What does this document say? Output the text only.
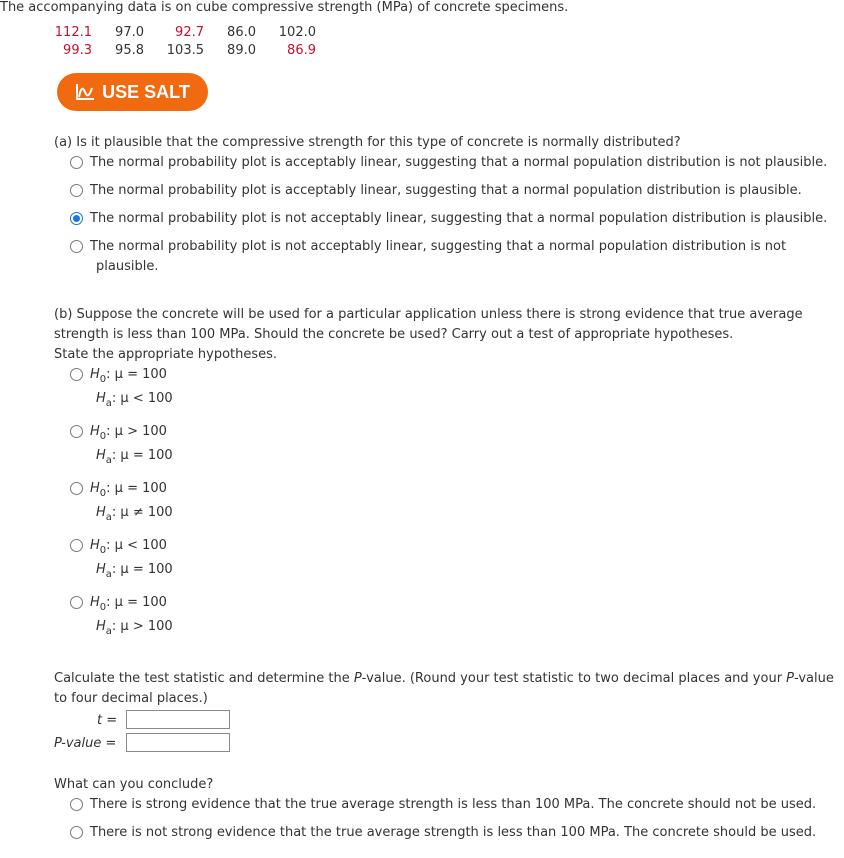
The accompanying data is on cube compressive strength (MPa) of concrete specimens.
112.1	97.0	92.7	86.0	102.0
99.3	95.8	103.5	89.0	86.9
USE SALT
(a) Is it plausible that the compressive strength for this type of concrete is normally distributed?
The normal probability plot is acceptably linear, suggesting that a normal population distribution is not plausible.
The normal probability plot is acceptably linear, suggesting that a normal population distribution is plausible.
The normal probability plot is not acceptably linear, suggesting that a normal population distribution is plausible.
The normal probability plot is not acceptably linear, suggesting that a normal population distribution is not
plausible.
(b) Suppose the concrete will be used for a particular application unless there is strong evidence that true average
strength is less than 100 MPa. Should the concrete be used? Carry out a test of appropriate hypotheses.
State the appropriate hypotheses.
$H_0$: μ = 100
$H_a$: μ < 100
$H_0$: μ > 100
$H_a$: μ = 100
$H_0$: μ = 100
$H_a$: μ ≠ 100
$H_0$: μ < 100
$H_a$: μ = 100
$H_0$: μ = 100
$H_a$: μ > 100
Calculate the test statistic and determine the P-value. (Round your test statistic to two decimal places and your P-value
to four decimal places.)
t =
P-value =
What can you conclude?
There is strong evidence that the true average strength is less than 100 MPa. The concrete should not be used.
There is not strong evidence that the true average strength is less than 100 MPa. The concrete should be used.
